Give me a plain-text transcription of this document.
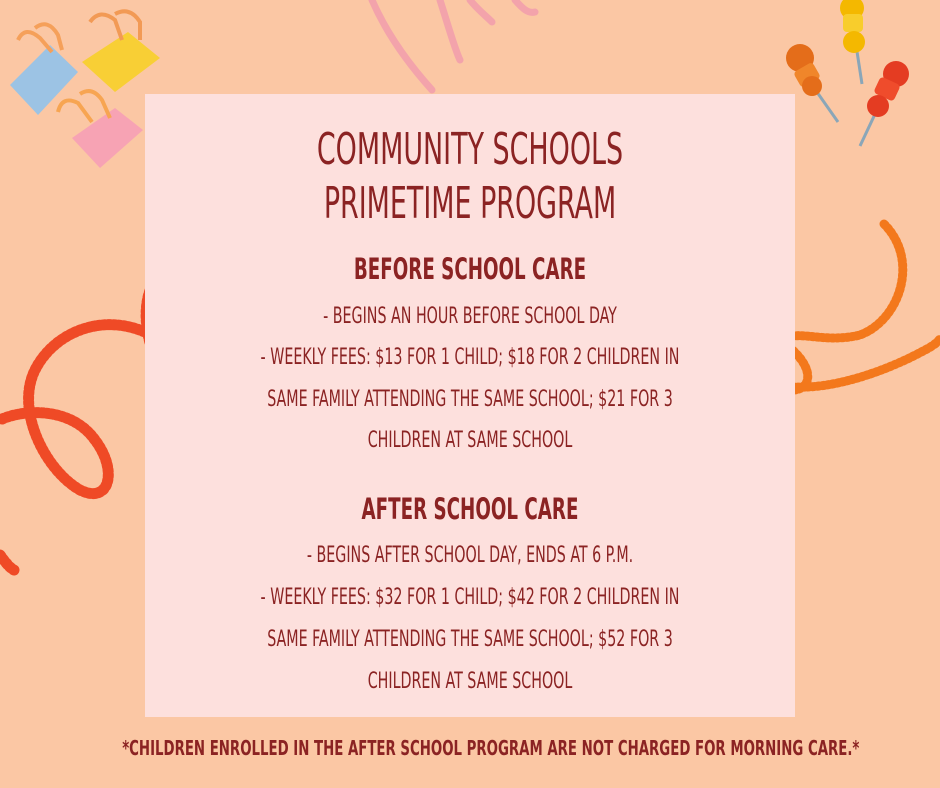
COMMUNITY SCHOOLS
PRIMETIME PROGRAM
BEFORE SCHOOL CARE
- BEGINS AN HOUR BEFORE SCHOOL DAY
- WEEKLY FEES: $13 FOR 1 CHILD; $18 FOR 2 CHILDREN IN
SAME FAMILY ATTENDING THE SAME SCHOOL; $21 FOR 3
CHILDREN AT SAME SCHOOL
AFTER SCHOOL CARE
- BEGINS AFTER SCHOOL DAY, ENDS AT 6 P.M.
- WEEKLY FEES: $32 FOR 1 CHILD; $42 FOR 2 CHILDREN IN
SAME FAMILY ATTENDING THE SAME SCHOOL; $52 FOR 3
CHILDREN AT SAME SCHOOL
*CHILDREN ENROLLED IN THE AFTER SCHOOL PROGRAM ARE NOT CHARGED FOR MORNING CARE.*
